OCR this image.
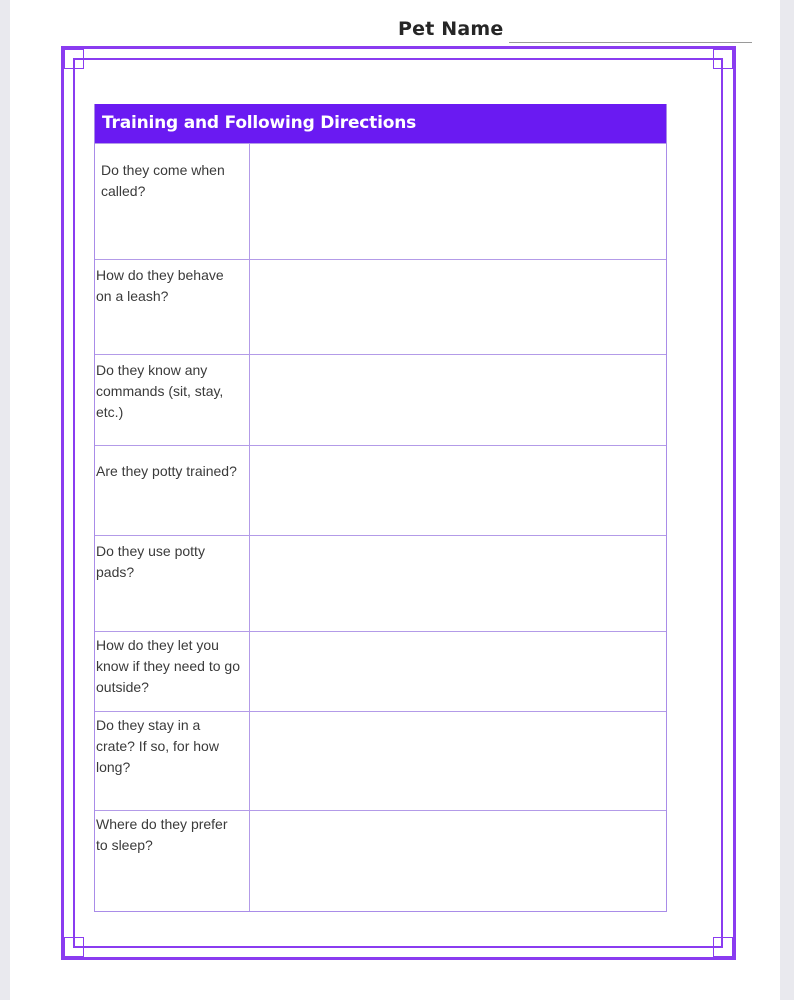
Pet Name
Training and Following Directions
Do they come when called?
How do they behave on a leash?
Do they know any commands (sit, stay, etc.)
Are they potty trained?
Do they use potty pads?
How do they let you know if they need to go outside?
Do they stay in a crate? If so, for how long?
Where do they prefer to sleep?
